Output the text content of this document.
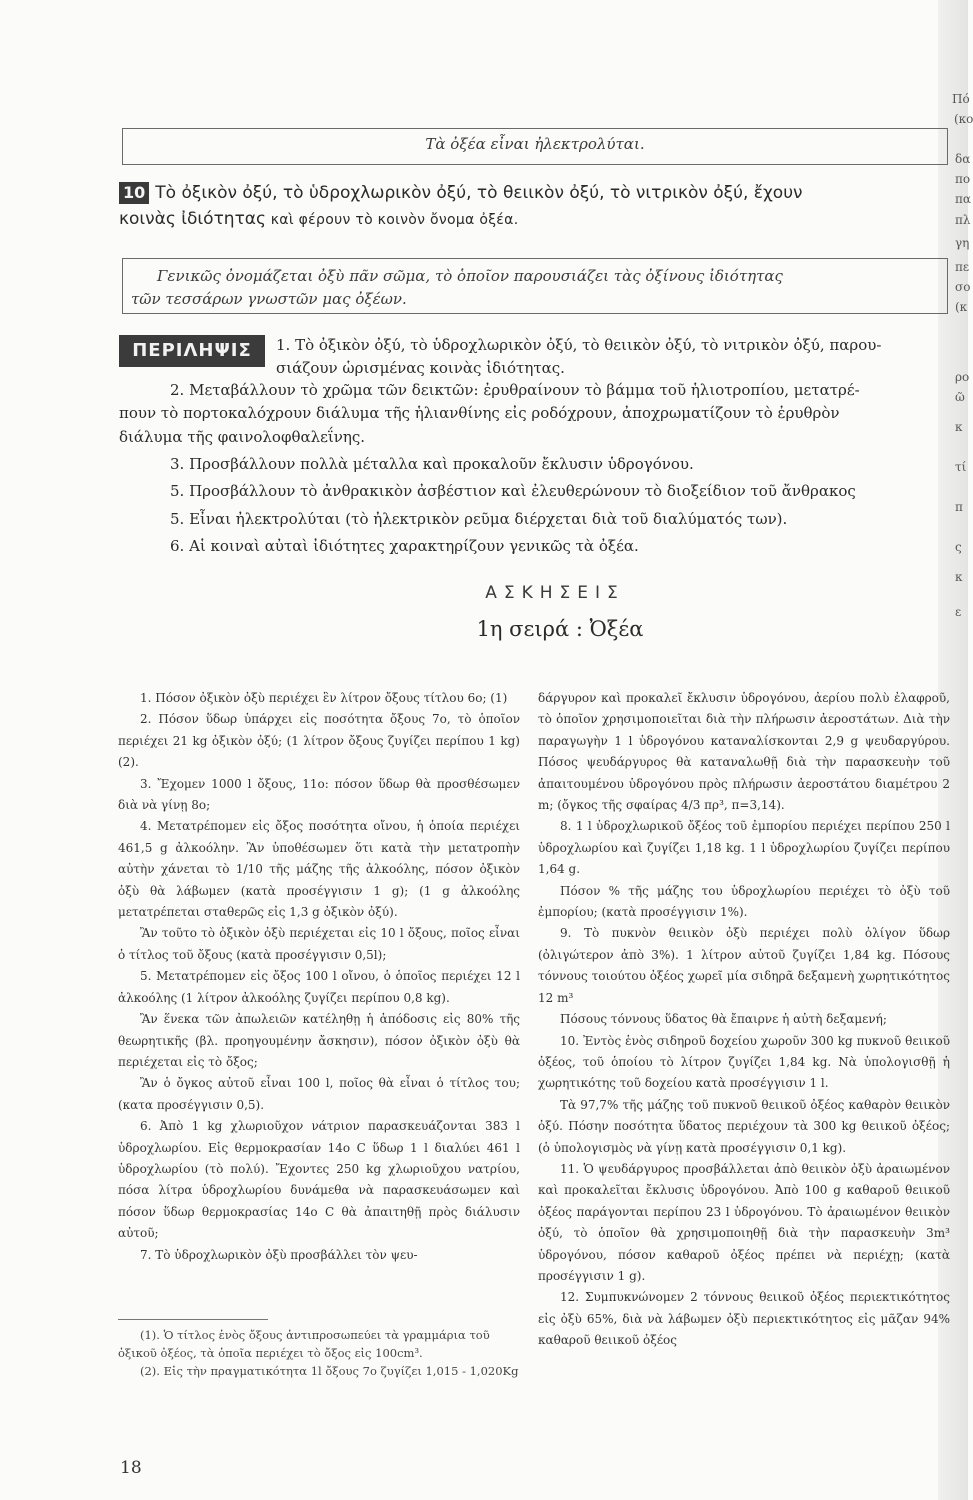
Πό
(κο
δα
πο
πα
πλ
γη
πε
σο
(κ
ρο
ῶ
κ
τί
π
ς
κ
ε
Τὰ ὀξέα εἶναι ἠλεκτρολύται.
10 Τὸ ὀξικὸν ὀξύ, τὸ ὑδροχλωρικὸν ὀξύ, τὸ θειικὸν ὀξύ, τὸ νιτρικὸν ὀξύ, ἔχουν
κοινὰς ἰδιότητας καὶ φέρουν τὸ κοινὸν ὄνομα ὀξέα.
Γενικῶς ὀνομάζεται ὀξὺ πᾶν σῶμα, τὸ ὁποῖον παρουσιάζει τὰς ὀξίνους ἰδιότητας
τῶν τεσσάρων γνωστῶν μας ὀξέων.
ΠΕΡΙΛΗΨΙΣ	1. Τὸ ὀξικὸν ὀξύ, τὸ ὑδροχλωρικὸν ὀξύ, τὸ θειικὸν ὀξύ, τὸ νιτρικὸν ὀξύ, παρου-
σιάζουν ὡρισμένας κοινὰς ἰδιότητας.
2. Μεταβάλλουν τὸ χρῶμα τῶν δεικτῶν: ἐρυθραίνουν τὸ βάμμα τοῦ ἡλιοτροπίου, μετατρέ-
πουν τὸ πορτοκαλόχρουν διάλυμα τῆς ἡλιανθίνης εἰς ροδόχρουν, ἀποχρωματίζουν τὸ ἐρυθρὸν
διάλυμα τῆς φαινολοφθαλεΐνης.
3. Προσβάλλουν πολλὰ μέταλλα καὶ προκαλοῦν ἔκλυσιν ὑδρογόνου.
5. Προσβάλλουν τὸ ἀνθρακικὸν ἀσβέστιον καὶ ἐλευθερώνουν τὸ διοξείδιον τοῦ ἄνθρακος
5. Εἶναι ἠλεκτρολύται (τὸ ἠλεκτρικὸν ρεῦμα διέρχεται διὰ τοῦ διαλύματός των).
6. Αἱ κοιναὶ αὐταὶ ἰδιότητες χαρακτηρίζουν γενικῶς τὰ ὀξέα.
ΑΣΚΗΣΕΙΣ
1η σειρά : Ὀξέα

1. Πόσον ὀξικὸν ὀξὺ περιέχει ἓν λίτρον ὄξους τίτλου 6ο; (1)

2. Πόσον ὕδωρ ὑπάρχει εἰς ποσότητα ὄξους 7ο, τὸ ὁποῖον περιέχει 21 kg ὀξικὸν ὀξύ; (1 λίτρον ὄξους ζυγίζει περίπου 1 kg) (2).

3. Ἔχομεν 1000 l ὄξους, 11ο: πόσον ὕδωρ θὰ προσθέσωμεν διὰ νὰ γίνῃ 8ο;

4. Μετατρέπομεν εἰς ὄξος ποσότητα οἴνου, ἡ ὁποία περιέχει 461,5 g ἀλκοόλην. Ἂν ὑποθέσωμεν ὅτι κατὰ τὴν μετατροπὴν αὐτὴν χάνεται τὸ 1/10 τῆς μάζης τῆς ἀλκοόλης, πόσον ὀξικὸν ὀξὺ θὰ λάβωμεν (κατὰ προσέγγισιν 1 g); (1 g ἀλκοόλης μετατρέπεται σταθερῶς εἰς 1,3 g ὀξικὸν ὀξύ).

Ἂν τοῦτο τὸ ὀξικὸν ὀξὺ περιέχεται εἰς 10 l ὄξους, ποῖος εἶναι ὁ τίτλος τοῦ ὄξους (κατὰ προσέγγισιν 0,5l);

5. Μετατρέπομεν εἰς ὄξος 100 l οἴνου, ὁ ὁποῖος περιέχει 12 l ἀλκοόλης (1 λίτρον ἀλκοόλης ζυγίζει περίπου 0,8 kg).

Ἂν ἕνεκα τῶν ἀπωλειῶν κατέληθῃ ἡ ἀπόδοσις εἰς 80% τῆς θεωρητικῆς (βλ. προηγουμένην ἄσκησιν), πόσον ὀξικὸν ὀξὺ θὰ περιέχεται εἰς τὸ ὄξος;

Ἂν ὁ ὄγκος αὐτοῦ εἶναι 100 l, ποῖος θὰ εἶναι ὁ τίτλος του; (κατα προσέγγισιν 0,5).

6. Ἀπὸ 1 kg χλωριοῦχον νάτριον παρασκευάζονται 383 l ὑδροχλωρίου. Εἰς θερμοκρασίαν 14ο C ὕδωρ 1 l διαλύει 461 l ὑδροχλωρίου (τὸ πολύ). Ἔχοντες 250 kg χλωριοῦχου νατρίου, πόσα λίτρα ὑδροχλωρίου δυνάμεθα νὰ παρασκευάσωμεν καὶ πόσον ὕδωρ θερμοκρασίας 14ο C θὰ ἀπαιτηθῇ πρὸς διάλυσιν αὐτοῦ;

7. Τὸ ὑδροχλωρικὸν ὀξὺ προσβάλλει τὸν ψευ-

δάργυρον καὶ προκαλεῖ ἔκλυσιν ὑδρογόνου, ἀερίου πολὺ ἐλαφροῦ, τὸ ὁποῖον χρησιμοποιεῖται διὰ τὴν πλήρωσιν ἀεροστάτων. Διὰ τὴν παραγωγὴν 1 l ὑδρογόνου καταναλίσκονται 2,9 g ψευδαργύρου. Πόσος ψευδάργυρος θὰ καταναλωθῇ διὰ τὴν παρασκευὴν τοῦ ἀπαιτουμένου ὑδρογόνου πρὸς πλήρωσιν ἀεροστάτου διαμέτρου 2 m; (ὄγκος τῆς σφαίρας 4/3 πρ³, π=3,14).

8. 1 l ὑδροχλωρικοῦ ὄξέος τοῦ ἐμπορίου περιέχει περίπου 250 l ὑδροχλωρίου καὶ ζυγίζει 1,18 kg. 1 l ὑδροχλωρίου ζυγίζει περίπου 1,64 g.

Πόσον % τῆς μάζης του ὑδροχλωρίου περιέχει τὸ ὀξὺ τοῦ ἐμπορίου; (κατὰ προσέγγισιν 1%).

9. Τὸ πυκνὸν θειικὸν ὀξὺ περιέχει πολὺ ὀλίγον ὕδωρ (ὀλιγώτερον ἀπὸ 3%). 1 λίτρον αὐτοῦ ζυγίζει 1,84 kg. Πόσους τόννους τοιούτου ὀξέος χωρεῖ μία σιδηρᾶ δεξαμενὴ χωρητικότητος 12 m³

Πόσους τόννους ὕδατος θὰ ἔπαιρνε ἡ αὐτὴ δεξαμενή;

10. Ἐντὸς ἑνὸς σιδηροῦ δοχείου χωροῦν 300 kg πυκνοῦ θειικοῦ ὀξέος, τοῦ ὁποίου τὸ λίτρον ζυγίζει 1,84 kg. Νὰ ὑπολογισθῇ ἡ χωρητικότης τοῦ δοχείου κατὰ προσέγγισιν 1 l.

Τὰ 97,7% τῆς μάζης τοῦ πυκνοῦ θειικοῦ ὀξέος καθαρὸν θειικὸν ὀξύ. Πόσην ποσότητα ὕδατος περιέχουν τὰ 300 kg θειικοῦ ὀξέος; (ὁ ὑπολογισμὸς νὰ γίνῃ κατὰ προσέγγισιν 0,1 kg).

11. Ὁ ψευδάργυρος προσβάλλεται ἀπὸ θειικὸν ὀξὺ ἀραιωμένον καὶ προκαλεῖται ἔκλυσις ὑδρογόνου. Ἀπὸ 100 g καθαροῦ θειικοῦ ὀξέος παράγονται περίπου 23 l ὑδρογόνου. Τὸ ἀραιωμένον θειικὸν ὀξύ, τὸ ὁποῖον θὰ χρησιμοποιηθῇ διὰ τὴν παρασκευὴν 3m³ ὑδρογόνου, πόσον καθαροῦ ὀξέος πρέπει νὰ περιέχῃ; (κατὰ προσέγγισιν 1 g).

12. Συμπυκνώνομεν 2 τόννους θειικοῦ ὀξέος περιεκτικότητος εἰς ὀξὺ 65%, διὰ νὰ λάβωμεν ὀξὺ περιεκτικότητος εἰς μᾶζαν 94% καθαροῦ θειικοῦ ὀξέος

(1). Ὁ τίτλος ἑνὸς ὄξους ἀντιπροσωπεύει τὰ γραμμάρια τοῦ ὀξικοῦ ὀξέος, τὰ ὁποῖα περιέχει τὸ ὄξος εἰς 100cm³.

(2). Εἰς τὴν πραγματικότητα 1l ὄξους 7ο ζυγίζει 1,015 - 1,020Kg

18
